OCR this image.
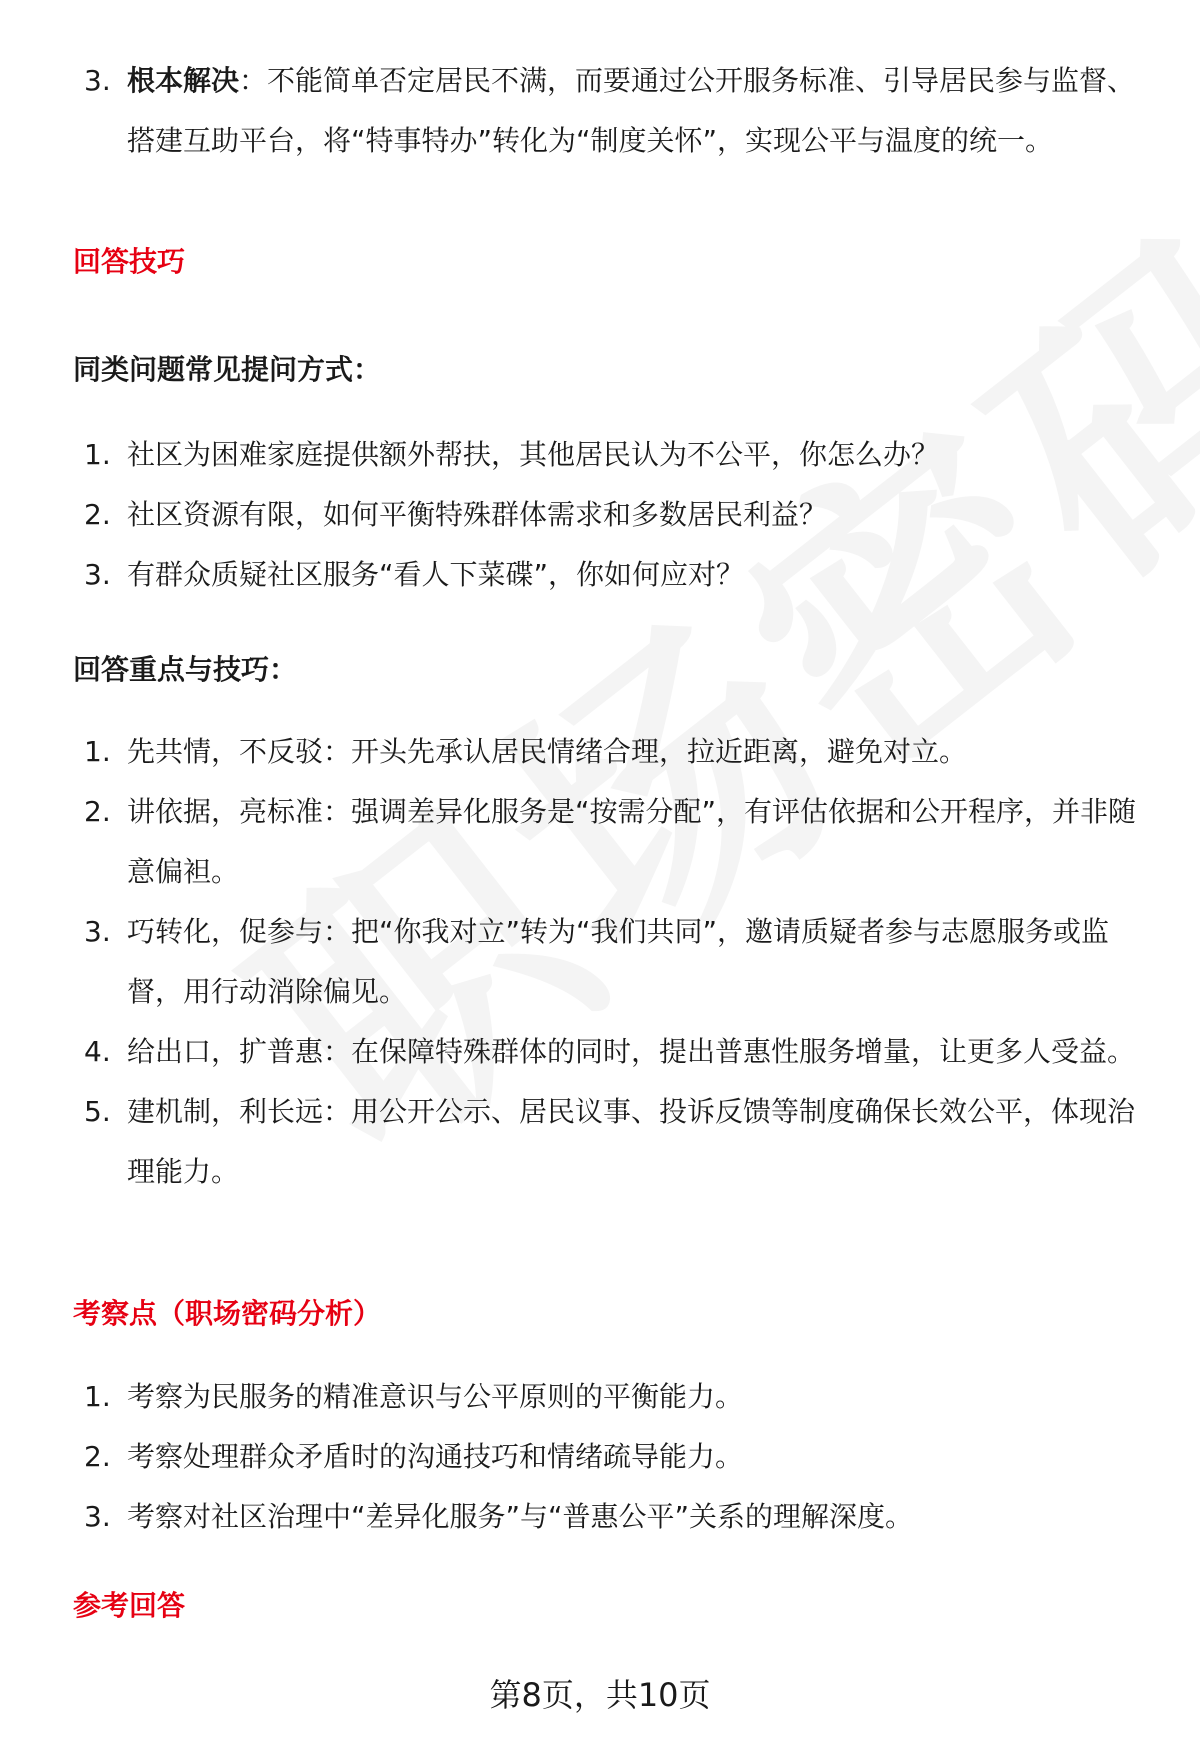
3. 根本解决：不能简单否定居民不满，而要通过公开服务标准、引导居民参与监督、搭建互助平台，将“特事特办”转化为“制度关怀”，实现公平与温度的统一。
回答技巧
同类问题常见提问方式：
1. 社区为困难家庭提供额外帮扶，其他居民认为不公平，你怎么办？
2. 社区资源有限，如何平衡特殊群体需求和多数居民利益？
3. 有群众质疑社区服务“看人下菜碟”，你如何应对？
回答重点与技巧：
1. 先共情，不反驳：开头先承认居民情绪合理，拉近距离，避免对立。
2. 讲依据，亮标准：强调差异化服务是“按需分配”，有评估依据和公开程序，并非随意偏袒。
3. 巧转化，促参与：把“你我对立”转为“我们共同”，邀请质疑者参与志愿服务或监督，用行动消除偏见。
4. 给出口，扩普惠：在保障特殊群体的同时，提出普惠性服务增量，让更多人受益。
5. 建机制，利长远：用公开公示、居民议事、投诉反馈等制度确保长效公平，体现治理能力。
考察点（职场密码分析）
1. 考察为民服务的精准意识与公平原则的平衡能力。
2. 考察处理群众矛盾时的沟通技巧和情绪疏导能力。
3. 考察对社区治理中“差异化服务”与“普惠公平”关系的理解深度。
参考回答
第8页，共10页
